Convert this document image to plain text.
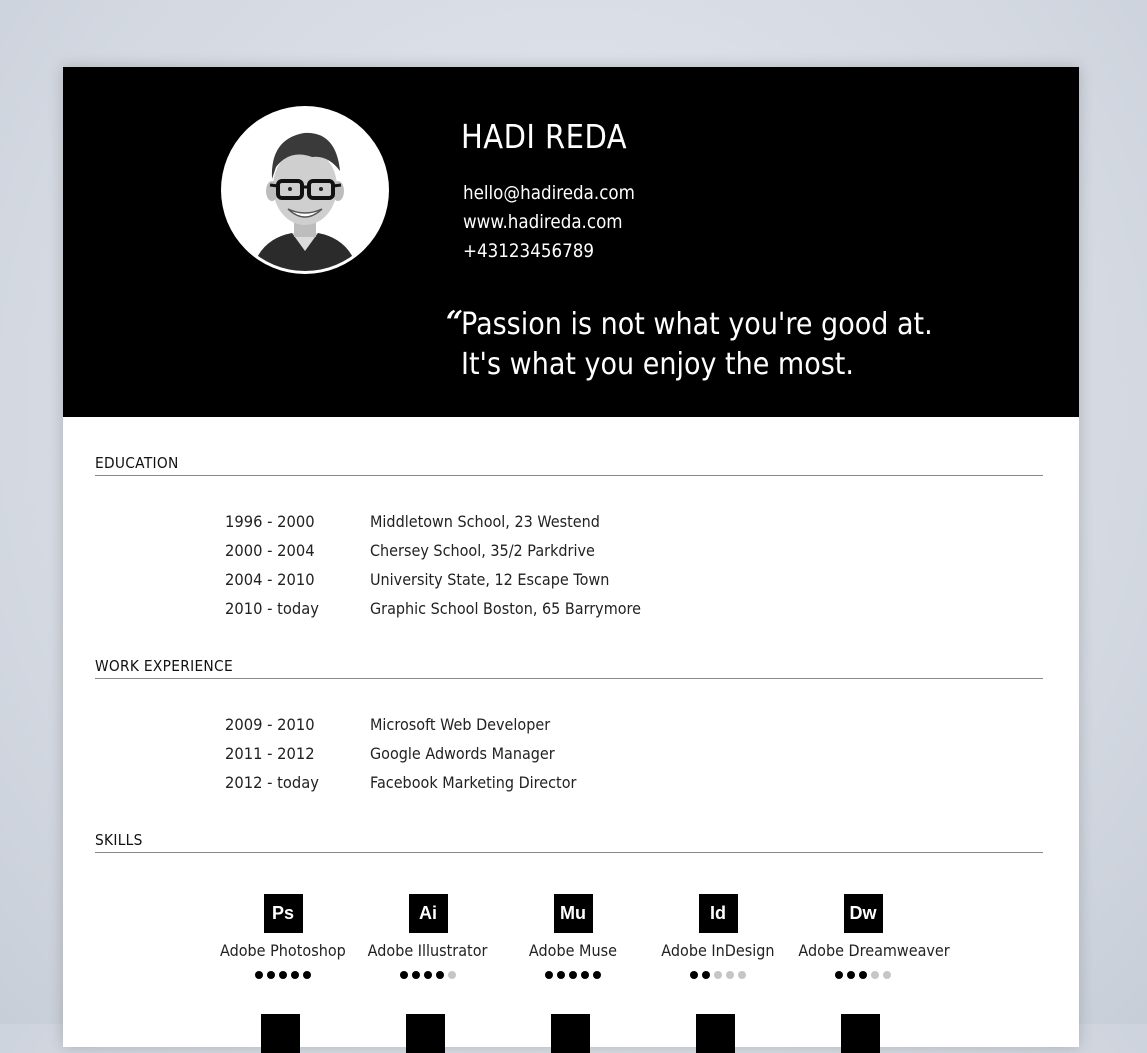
HADI REDA
hello@hadireda.com
www.hadireda.com
+43123456789
“
Passion is not what you're good at.
It's what you enjoy the most.
EDUCATION
1996 - 2000	Middletown School, 23 Westend
2000 - 2004	Chersey School, 35/2 Parkdrive
2004 - 2010	University State, 12 Escape Town
2010 - today	Graphic School Boston, 65 Barrymore
WORK EXPERIENCE
2009 - 2010	Microsoft Web Developer
2011 - 2012	Google Adwords Manager
2012 - today	Facebook Marketing Director
SKILLS
Ps
Adobe Photoshop
Ai
Adobe Illustrator
Mu
Adobe Muse
Id
Adobe InDesign
Dw
Adobe Dreamweaver
